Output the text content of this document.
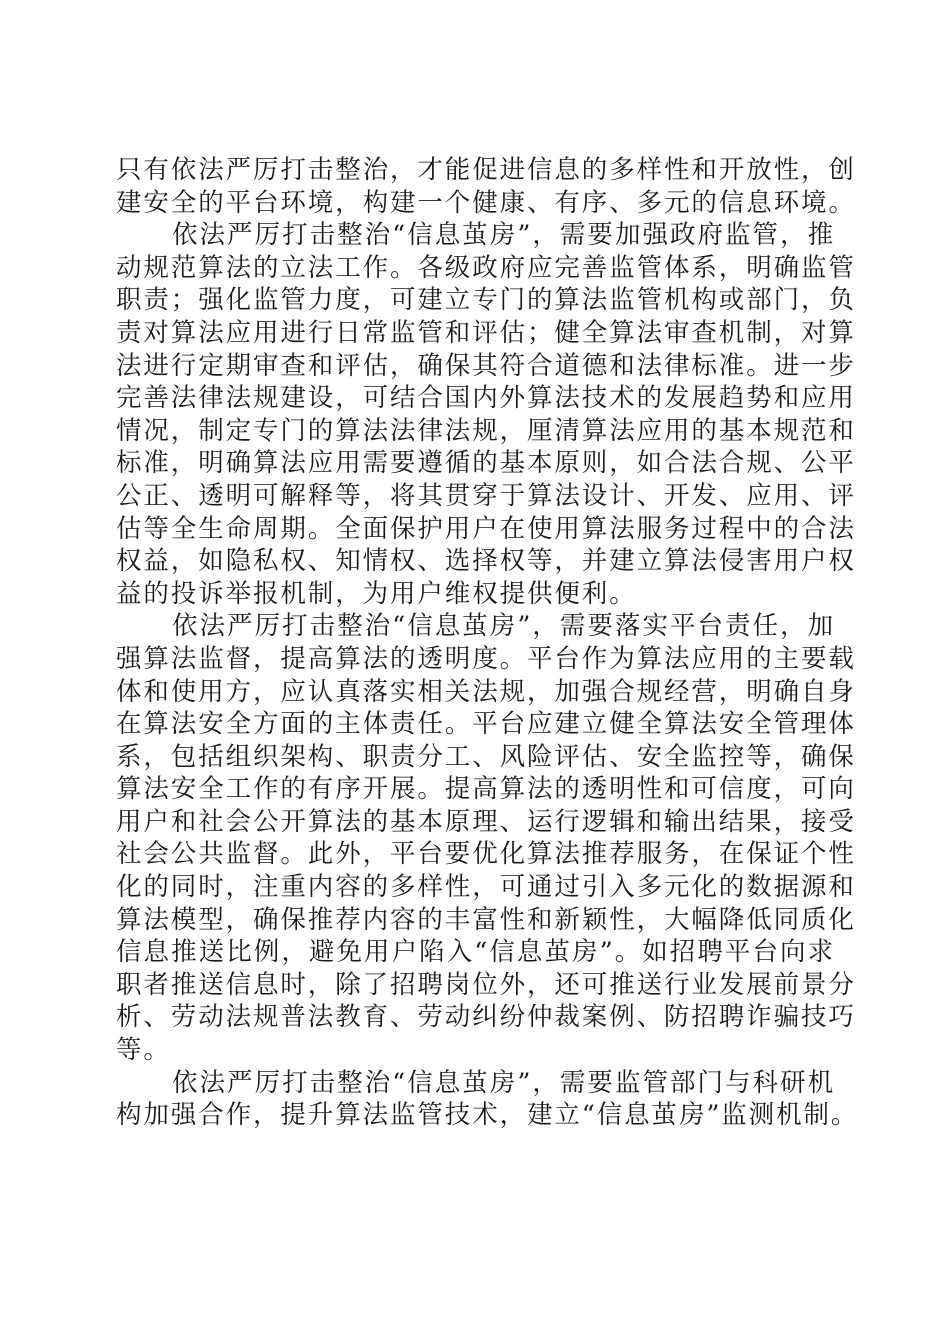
只有依法严厉打击整治，才能促进信息的多样性和开放性，创
建安全的平台环境，构建一个健康、有序、多元的信息环境。
依法严厉打击整治“信息茧房”，需要加强政府监管，推
动规范算法的立法工作。各级政府应完善监管体系，明确监管
职责；强化监管力度，可建立专门的算法监管机构或部门，负
责对算法应用进行日常监管和评估；健全算法审查机制，对算
法进行定期审查和评估，确保其符合道德和法律标准。进一步
完善法律法规建设，可结合国内外算法技术的发展趋势和应用
情况，制定专门的算法法律法规，厘清算法应用的基本规范和
标准，明确算法应用需要遵循的基本原则，如合法合规、公平
公正、透明可解释等，将其贯穿于算法设计、开发、应用、评
估等全生命周期。全面保护用户在使用算法服务过程中的合法
权益，如隐私权、知情权、选择权等，并建立算法侵害用户权
益的投诉举报机制，为用户维权提供便利。
依法严厉打击整治“信息茧房”，需要落实平台责任，加
强算法监督，提高算法的透明度。平台作为算法应用的主要载
体和使用方，应认真落实相关法规，加强合规经营，明确自身
在算法安全方面的主体责任。平台应建立健全算法安全管理体
系，包括组织架构、职责分工、风险评估、安全监控等，确保
算法安全工作的有序开展。提高算法的透明性和可信度，可向
用户和社会公开算法的基本原理、运行逻辑和输出结果，接受
社会公共监督。此外，平台要优化算法推荐服务，在保证个性
化的同时，注重内容的多样性，可通过引入多元化的数据源和
算法模型，确保推荐内容的丰富性和新颖性，大幅降低同质化
信息推送比例，避免用户陷入“信息茧房”。如招聘平台向求
职者推送信息时，除了招聘岗位外，还可推送行业发展前景分
析、劳动法规普法教育、劳动纠纷仲裁案例、防招聘诈骗技巧
等。
依法严厉打击整治“信息茧房”，需要监管部门与科研机
构加强合作，提升算法监管技术，建立“信息茧房”监测机制。
